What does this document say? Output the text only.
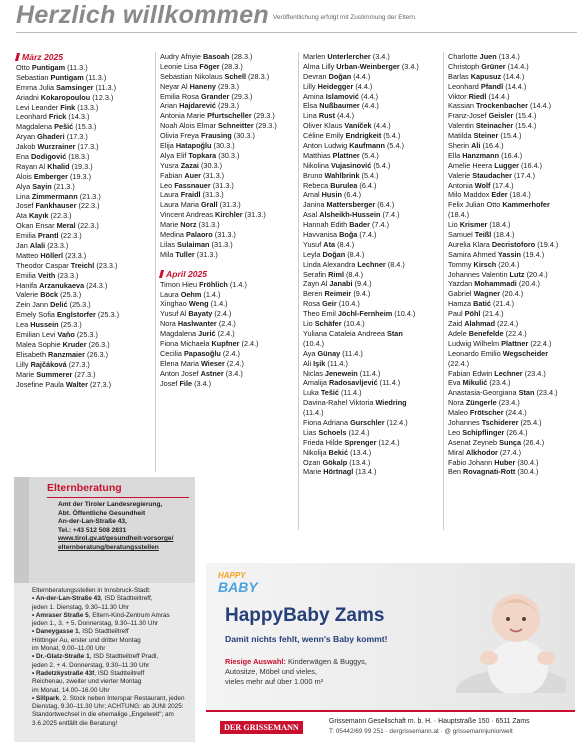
Herzlich willkommen Veröffentlichung erfolgt mit Zustimmung der Eltern.
März 2025
Otto Puntigam (11.3.)
Sebastian Puntigam (11.3.)
Emma Julia Samsinger (11.3.)
Ariadni Kokaropoulou (12.3.)
Levi Leander Fink (13.3.)
Leonhard Frick (14.3.)
Magdalena Pešić (15.3.)
Aryan Ghaderi (17.3.)
Jakob Wurzrainer (17.3.)
Ena Dodigović (18.3.)
Rayan Al Khalid (19.3.)
Alois Emberger (19.3.)
Alya Sayin (21.3.)
Lina Zimmermann (21.3.)
Josef Fankhauser (22.3.)
Ata Kayık (22.3.)
Okan Ensar Meral (22.3.)
Emilia Prantl (22.3.)
Jan Alali (23.3.)
Matteo Höllerl (23.3.)
Theodor Caspar Treichl (23.3.)
Emilia Veith (23.3.)
Hanifa Arzanukaeva (24.3.)
Valerie Böck (25.3.)
Zein Jann Delić (25.3.)
Emely Sofia Englstorfer (25.3.)
Lea Hussein (25.3.)
Emilian Levi Vaňo (25.3.)
Malea Sophie Kruder (26.3.)
Elisabeth Ranzmaier (26.3.)
Lilly Rajčáková (27.3.)
Marie Summerer (27.3.)
Josefine Paula Walter (27.3.)
Audry Afriyie Basoah (28.3.)
Leonie Lisa Föger (28.3.)
Sebastian Nikolaus Schell (28.3.)
Neyar Al Haneny (29.3.)
Emilia Rosa Grander (29.3.)
Arian Hajdarević (29.3.)
Antonia Marie Pfurtscheller (29.3.)
Noah Alois Elmar Schneitter (29.3.)
Olivia Freya Frausing (30.3.)
Elija Hatapoğlu (30.3.)
Alya Elif Topkara (30.3.)
Yusra Zazai (30.3.)
Fabian Auer (31.3.)
Leo Fassnauer (31.3.)
Laura Fraidl (31.3.)
Laura Maria Grall (31.3.)
Vincent Andreas Kirchler (31.3.)
Marie Norz (31.3.)
Medina Palaoro (31.3.)
Lilas Sulaiman (31.3.)
Mila Tuller (31.3.)
April 2025
Timon Hieu Fröhlich (1.4.)
Laura Oehm (1.4.)
Xinghao Weng (1.4.)
Yusuf Al Bayaty (2.4.)
Nora Haslwanter (2.4.)
Magdalena Jurić (2.4.)
Fiona Michaela Kupfner (2.4.)
Cecilia Papasoğlu (2.4.)
Elena Maria Wieser (2.4.)
Anton Josef Astner (3.4.)
Josef File (3.4.)
Marlen Unterlercher (3.4.)
Alma Lilly Urban-Weinberger (3.4.)
Devran Doğan (4.4.)
Lilly Heidegger (4.4.)
Amina Islamović (4.4.)
Elsa Nußbaumer (4.4.)
Lina Rust (4.4.)
Oliver Klaus Vaníček (4.4.)
Céline Emily Endrigkeit (5.4.)
Anton Ludwig Kaufmann (5.4.)
Matthias Plattner (5.4.)
Nikolina Vujasinović (5.4.)
Bruno Wahlbrink (5.4.)
Rebeca Burulea (6.4.)
Amal Husin (6.4.)
Janina Mattersberger (6.4.)
Asal Alsheikh-Hussein (7.4.)
Hannah Edith Bader (7.4.)
Havvanisa Boğa (7.4.)
Yusuf Ata (8.4.)
Leyla Doğan (8.4.)
Linda Alexandra Lechner (8.4.)
Serafin Riml (8.4.)
Zayn Al Janabi (9.4.)
Beren Reimeir (9.4.)
Rosa Geir (10.4.)
Theo Emil Jöchl-Fernheim (10.4.)
Lio Schäfer (10.4.)
Yuliana Cataleia Andreea Stan
(10.4.)
Aya Günay (11.4.)
Ali Işik (11.4.)
Niclas Jenewein (11.4.)
Amalija Radosavljević (11.4.)
Luka Tešić (11.4.)
Davina-Rahel Viktoria Wiedring
(11.4.)
Fiona Adriana Gurschler (12.4.)
Lias Schoels (12.4.)
Frieda Hilde Sprenger (12.4.)
Nikolija Bekić (13.4.)
Ozan Gökalp (13.4.)
Marie Hörtnagl (13.4.)
Charlotte Juen (13.4.)
Christoph Grüner (14.4.)
Barlas Kapusuz (14.4.)
Leonhard Pfandl (14.4.)
Viktor Riedl (14.4.)
Kassian Trockenbacher (14.4.)
Franz-Josef Geisler (15.4.)
Valentin Steinacher (15.4.)
Matilda Steiner (15.4.)
Sherin Ali (16.4.)
Ella Hanzmann (16.4.)
Amelie Heera Lugger (16.4.)
Valerie Staudacher (17.4.)
Antonia Wolf (17.4.)
Milo Maddox Eder (18.4.)
Felix Julian Otto Kammerhofer
(18.4.)
Lio Krismer (18.4.)
Samuel Teißl (18.4.)
Aurelia Klara Decristoforo (19.4.)
Samira Ahmed Yassin (19.4.)
Tommy Kirsch (20.4.)
Johannes Valentin Lutz (20.4.)
Yazdan Mohammadi (20.4.)
Gabriel Wagner (20.4.)
Hamza Batić (21.4.)
Paul Pöhl (21.4.)
Zaid Alahmad (22.4.)
Adele Benefelde (22.4.)
Ludwig Wilhelm Plattner (22.4.)
Leonardo Emilio Wegscheider
(22.4.)
Fabian Edwin Lechner (23.4.)
Eva Mikulić (23.4.)
Anastasia-Georgiana Stan (23.4.)
Nora Züngerle (23.4.)
Maleo Frötscher (24.4.)
Johannes Tschiderer (25.4.)
Leo Schipflinger (26.4.)
Asenat Zeyneb Sunça (26.4.)
Miral Alkhodor (27.4.)
Fabio Johann Huber (30.4.)
Ben Rovagnati-Rott (30.4.)
Elternberatung
Amt der Tiroler Landesregierung,
Abt. Öffentliche Gesundheit
An-der-Lan-Straße 43,
Tel.: +43 512 508 2831
www.tirol.gv.at/gesundheit-vorsorge/
elternberatung/beratungsstellen
Elternberatungsstellen in Innsbruck-Stadt:
• An-der-Lan-Straße 43, ISD Stadtteiltreff,
jeden 1. Dienstag, 9.30–11.30 Uhr
• Amraser Straße 5, Eltern-Kind-Zentrum Amras
jeden 1., 3. + 5. Donnerstag, 9.30–11.30 Uhr
• Daneygasse 1, ISD Stadtteiltreff
Höttinger Au, erster und dritter Montag
im Monat, 9.00–11.00 Uhr
• Dr.-Glatz-Straße 1, ISD Stadtteiltreff Pradl,
jeden 2. + 4. Donnerstag, 9.30–11.30 Uhr
• Radetzkystraße 43f, ISD Stadtteiltreff
Reichenau, zweiter und vierter Montag
im Monat, 14.00–16.00 Uhr
• Sillpark, 2. Stock neben Interspar Restaurant, jeden
Dienstag, 9.30–11.30 Uhr; ACHTUNG: ab JUNI 2025:
Standortwechsel in die ehemalige „Engelwelt"; am
3.6.2025 entfällt die Beratung!
HAPPY
BABY
HappyBaby Zams
Damit nichts fehlt, wenn's Baby kommt!
Riesige Auswahl: Kinderwägen & Buggys,
Autositze, Möbel und vieles,
vieles mehr auf über 1.000 m²
DER GRISSEMANN
Grissemann Gesellschaft m. b. H. · Hauptstraße 150 · 6511 Zams
T: 05442/69 99 251 · dergrissemann.at · @ grissemannjuniorwelt
